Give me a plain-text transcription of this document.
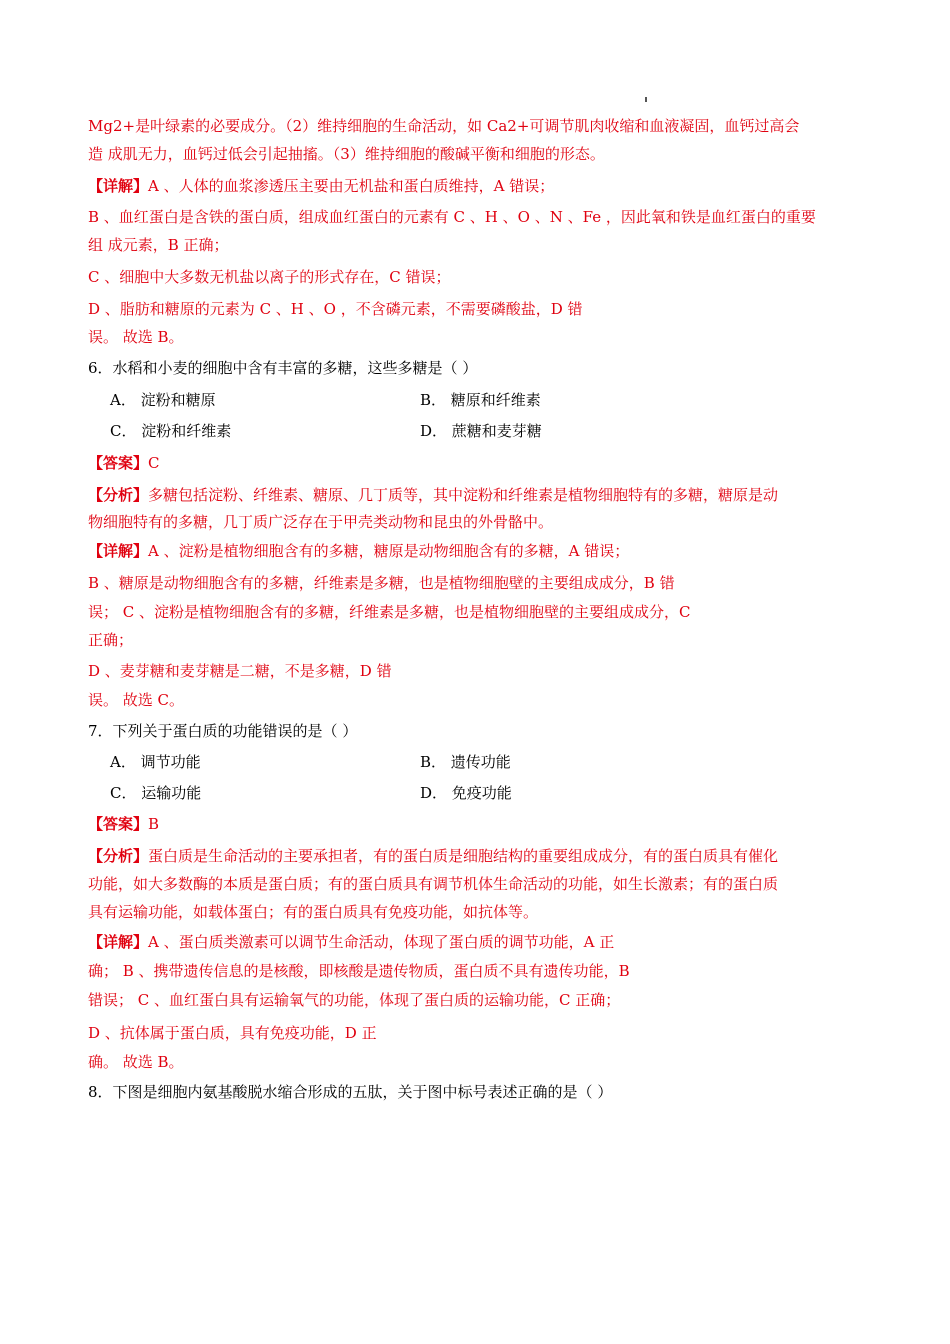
Mg2+是叶绿素的必要成分。（2）维持细胞的生命活动，如 Ca2+可调节肌肉收缩和血液凝固，血钙过高会
造 成肌无力，血钙过低会引起抽搐。（3）维持细胞的酸碱平衡和细胞的形态。
【详解】A 、人体的血浆渗透压主要由无机盐和蛋白质维持，A 错误；
B 、血红蛋白是含铁的蛋白质，组成血红蛋白的元素有 C 、H 、O 、N 、Fe ，因此氧和铁是血红蛋白的重要
组 成元素，B 正确；
C 、细胞中大多数无机盐以离子的形式存在，C 错误；
D 、脂肪和糖原的元素为 C 、H 、O ，不含磷元素，不需要磷酸盐，D 错
误。 故选 B。
6．水稻和小麦的细胞中含有丰富的多糖，这些多糖是（ ）
A． 淀粉和糖原	B． 糖原和纤维素
C． 淀粉和纤维素	D． 蔗糖和麦芽糖
【答案】C
【分析】多糖包括淀粉、纤维素、糖原、几丁质等，其中淀粉和纤维素是植物细胞特有的多糖，糖原是动
物细胞特有的多糖，几丁质广泛存在于甲壳类动物和昆虫的外骨骼中。
【详解】A 、淀粉是植物细胞含有的多糖，糖原是动物细胞含有的多糖，A 错误；
B 、糖原是动物细胞含有的多糖，纤维素是多糖，也是植物细胞壁的主要组成成分，B 错
误； C 、淀粉是植物细胞含有的多糖，纤维素是多糖，也是植物细胞壁的主要组成成分，C
正确；
D 、麦芽糖和麦芽糖是二糖，不是多糖，D 错
误。 故选 C。
7．下列关于蛋白质的功能错误的是（ ）
A． 调节功能	B． 遗传功能
C． 运输功能	D． 免疫功能
【答案】B
【分析】蛋白质是生命活动的主要承担者，有的蛋白质是细胞结构的重要组成成分，有的蛋白质具有催化
功能，如大多数酶的本质是蛋白质；有的蛋白质具有调节机体生命活动的功能，如生长激素；有的蛋白质
具有运输功能，如载体蛋白；有的蛋白质具有免疫功能，如抗体等。
【详解】A 、蛋白质类激素可以调节生命活动，体现了蛋白质的调节功能，A 正
确； B 、携带遗传信息的是核酸，即核酸是遗传物质，蛋白质不具有遗传功能，B
错误； C 、血红蛋白具有运输氧气的功能，体现了蛋白质的运输功能，C 正确；
D 、抗体属于蛋白质，具有免疫功能，D 正
确。 故选 B。
8．下图是细胞内氨基酸脱水缩合形成的五肽，关于图中标号表述正确的是（ ）
